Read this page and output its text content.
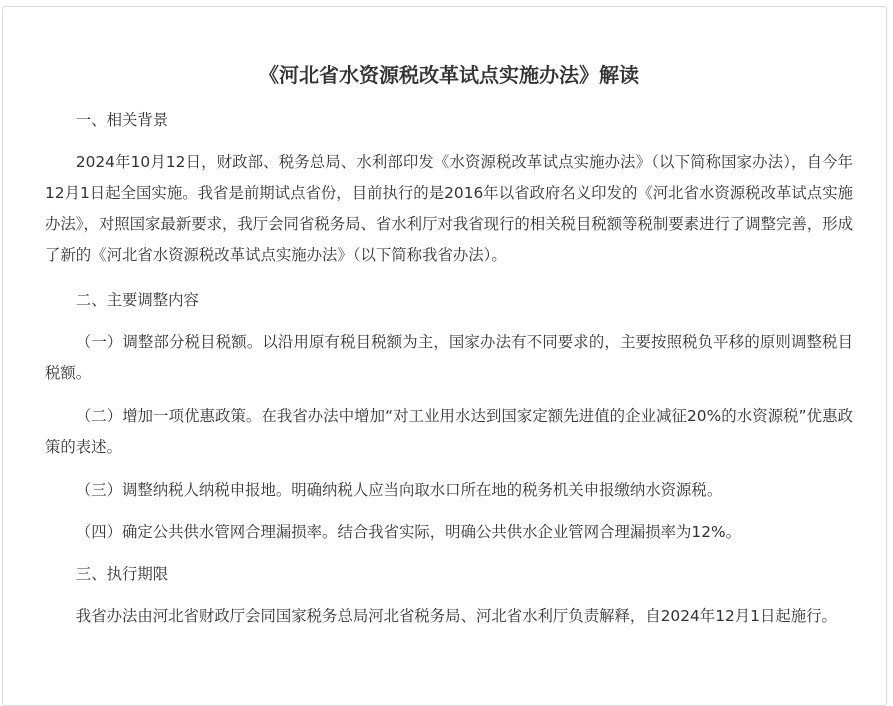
《河北省水资源税改革试点实施办法》解读

一、相关背景

2024年10月12日，财政部、税务总局、水利部印发《水资源税改革试点实施办法》（以下简称国家办法），自今年12月1日起全国实施。我省是前期试点省份，目前执行的是2016年以省政府名义印发的《河北省水资源税改革试点实施办法》，对照国家最新要求，我厅会同省税务局、省水利厅对我省现行的相关税目税额等税制要素进行了调整完善，形成了新的《河北省水资源税改革试点实施办法》（以下简称我省办法）。

二、主要调整内容

（一）调整部分税目税额。以沿用原有税目税额为主，国家办法有不同要求的，主要按照税负平移的原则调整税目税额。

（二）增加一项优惠政策。在我省办法中增加“对工业用水达到国家定额先进值的企业减征20%的水资源税”优惠政策的表述。

（三）调整纳税人纳税申报地。明确纳税人应当向取水口所在地的税务机关申报缴纳水资源税。

（四）确定公共供水管网合理漏损率。结合我省实际，明确公共供水企业管网合理漏损率为12%。

三、执行期限

我省办法由河北省财政厅会同国家税务总局河北省税务局、河北省水利厅负责解释，自2024年12月1日起施行。
